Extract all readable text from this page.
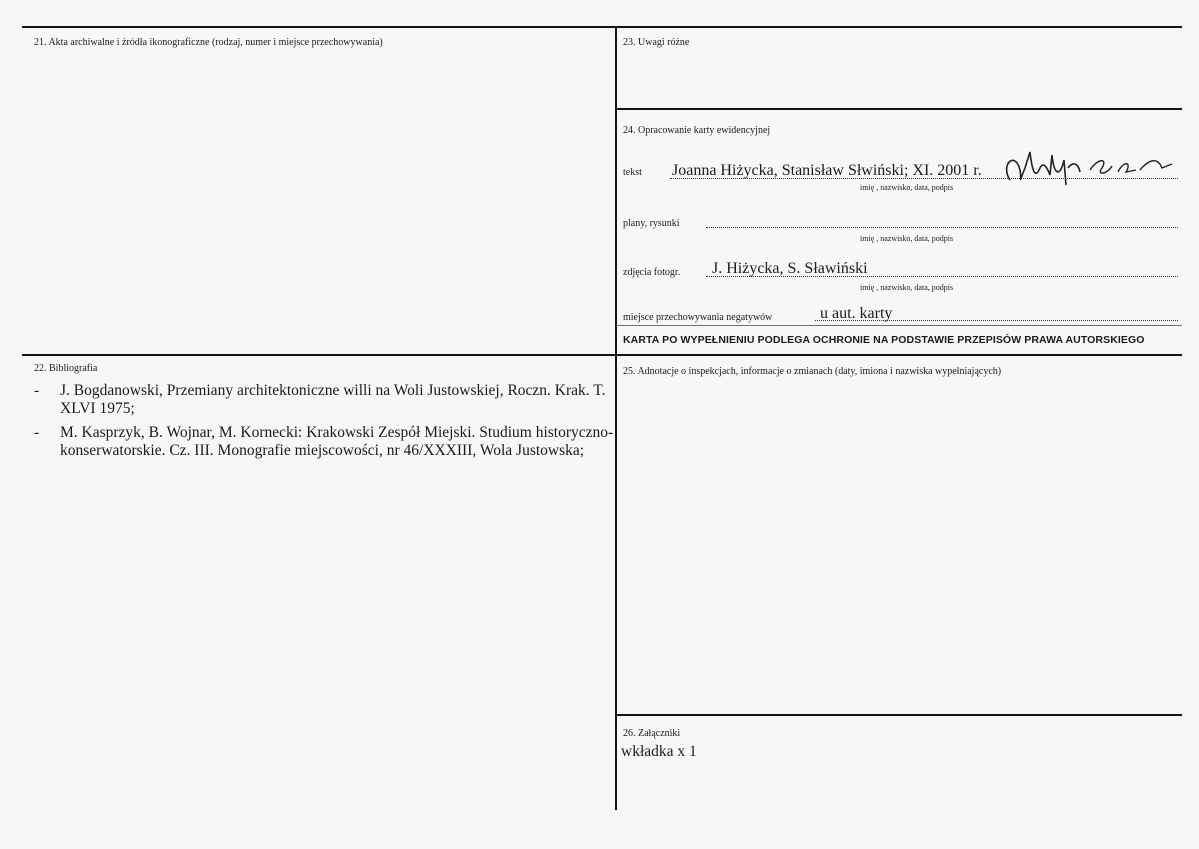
21. Akta archiwalne i źródła ikonograficzne (rodzaj, numer i miejsce przechowywania)
22. Bibliografia
- J. Bogdanowski, Przemiany architektoniczne willi na Woli Justowskiej, Roczn. Krak. T. XLVI 1975;
- M. Kasprzyk, B. Wojnar, M. Kornecki: Krakowski Zespół Miejski. Studium historyczno-konserwatorskie. Cz. III. Monografie miejscowości, nr 46/XXXIII, Wola Justowska;
23. Uwagi różne
24. Opracowanie karty ewidencyjnej
tekst Joanna Hiżycka, Stanisław Słwiński; XI. 2001 r.
imię , nazwisko, data, podpis
plany, rysunki
imię , nazwisko, data, podpis
zdjęcia fotogr. J. Hiżycka, S. Sławiński
imię , nazwisko, data, podpis
miejsce przechowywania negatywów	u aut. karty
KARTA PO WYPEŁNIENIU PODLEGA OCHRONIE NA PODSTAWIE PRZEPISÓW PRAWA AUTORSKIEGO
25. Adnotacje o inspekcjach, informacje o zmianach (daty, imiona i nazwiska wypełniających)
26. Załączniki
wkładka x 1
